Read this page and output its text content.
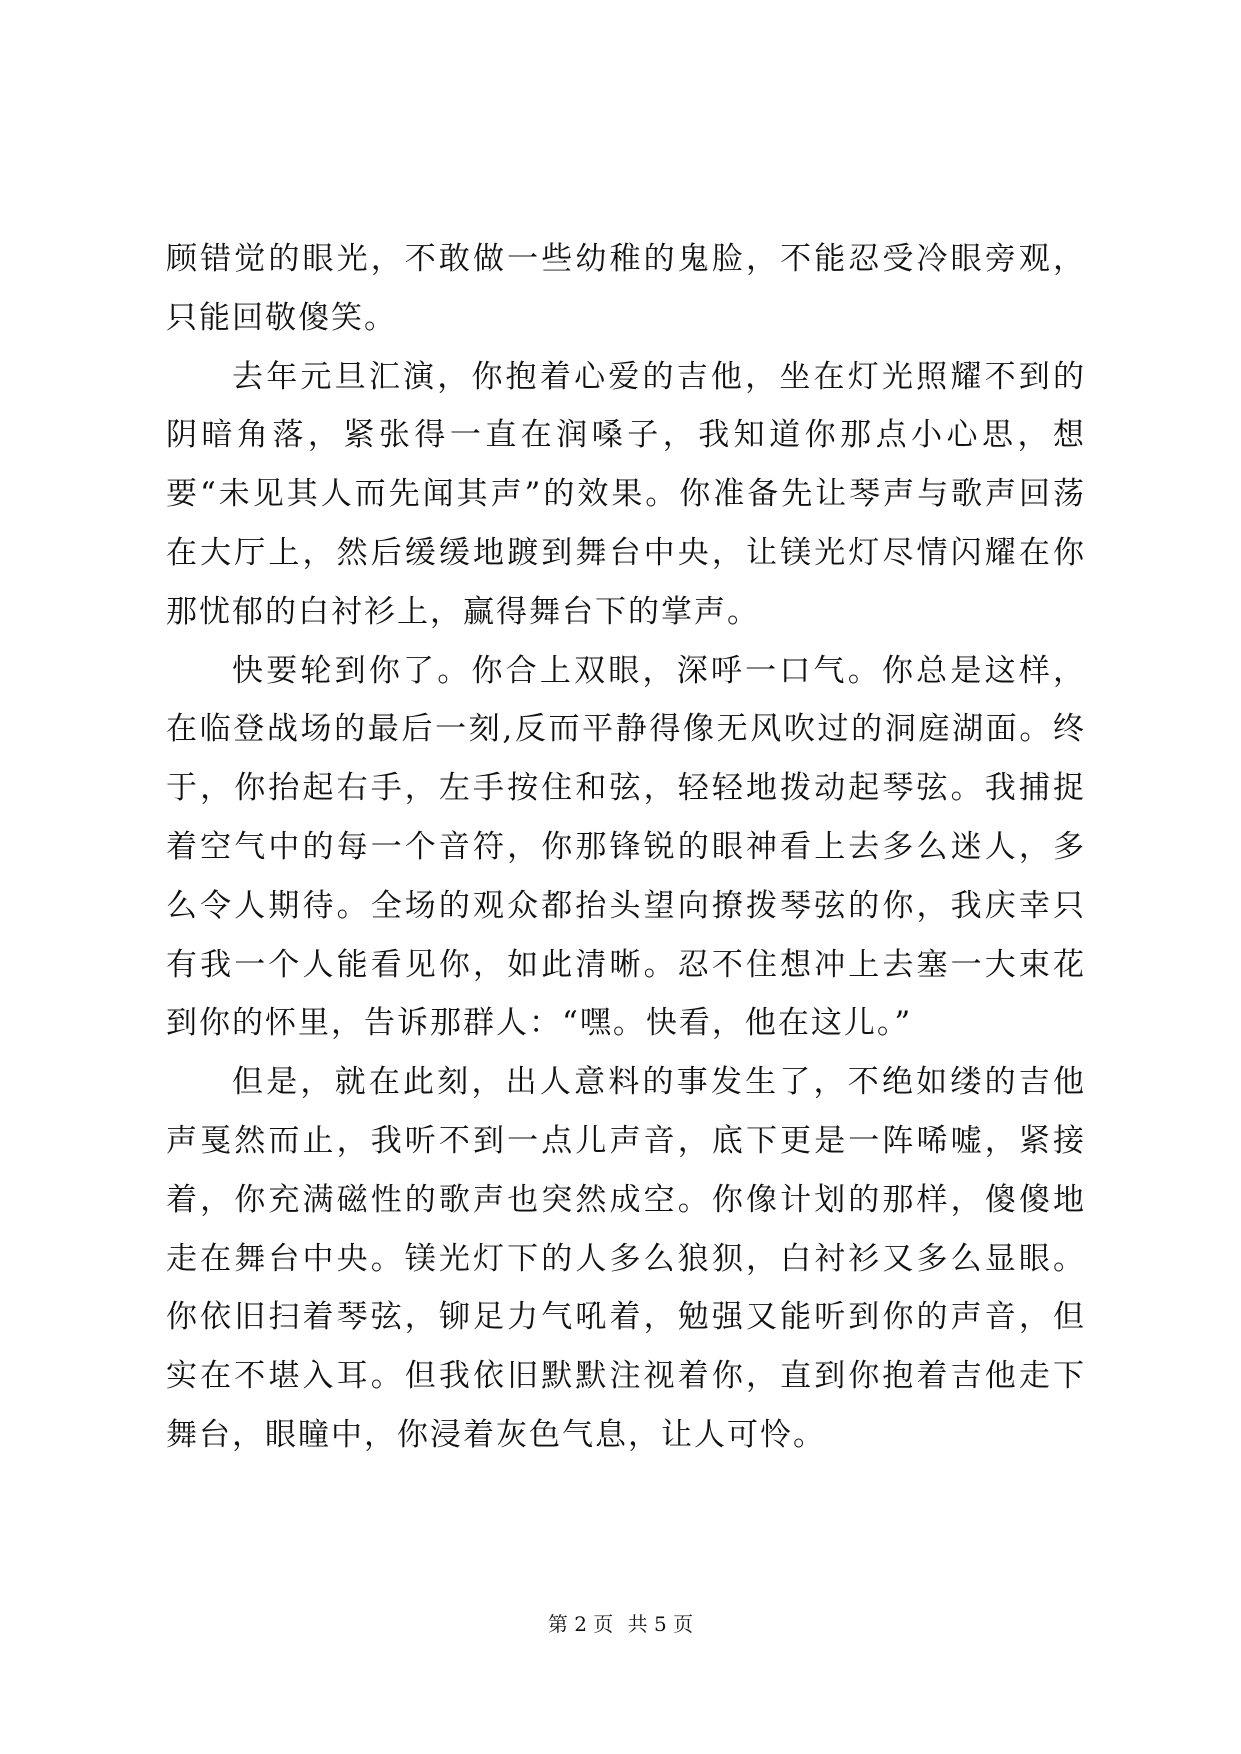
顾错觉的眼光，不敢做一些幼稚的鬼脸，不能忍受冷眼旁观，只能回敬傻笑。

去年元旦汇演，你抱着心爱的吉他，坐在灯光照耀不到的阴暗角落，紧张得一直在润嗓子，我知道你那点小心思，想要“未见其人而先闻其声”的效果。你准备先让琴声与歌声回荡在大厅上，然后缓缓地踱到舞台中央，让镁光灯尽情闪耀在你那忧郁的白衬衫上，赢得舞台下的掌声。

快要轮到你了。你合上双眼，深呼一口气。你总是这样，在临登战场的最后一刻,反而平静得像无风吹过的洞庭湖面。终于，你抬起右手，左手按住和弦，轻轻地拨动起琴弦。我捕捉着空气中的每一个音符，你那锋锐的眼神看上去多么迷人，多么令人期待。全场的观众都抬头望向撩拨琴弦的你，我庆幸只有我一个人能看见你，如此清晰。忍不住想冲上去塞一大束花到你的怀里，告诉那群人：“嘿。快看，他在这儿。”

但是，就在此刻，出人意料的事发生了，不绝如缕的吉他声戛然而止，我听不到一点儿声音，底下更是一阵唏嘘，紧接着，你充满磁性的歌声也突然成空。你像计划的那样，傻傻地走在舞台中央。镁光灯下的人多么狼狈，白衬衫又多么显眼。你依旧扫着琴弦，铆足力气吼着，勉强又能听到你的声音，但实在不堪入耳。但我依旧默默注视着你，直到你抱着吉他走下舞台，眼瞳中，你浸着灰色气息，让人可怜。

第 2 页 共 5 页
